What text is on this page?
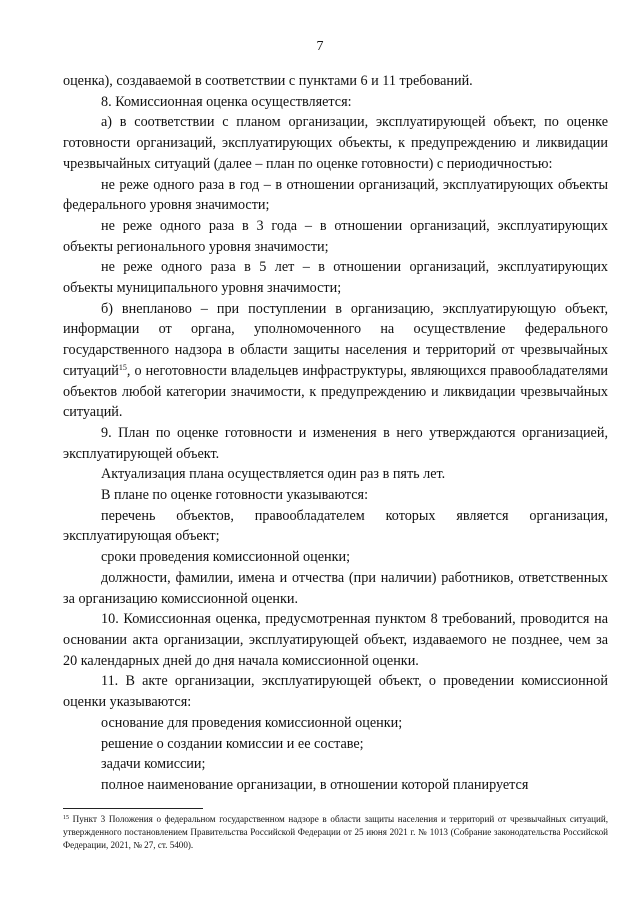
7

оценка), создаваемой в соответствии с пунктами 6 и 11 требований.

8. Комиссионная оценка осуществляется:

а) в соответствии с планом организации, эксплуатирующей объект, по оценке готовности организаций, эксплуатирующих объекты, к предупреждению и ликвидации чрезвычайных ситуаций (далее – план по оценке готовности) с периодичностью:

не реже одного раза в год – в отношении организаций, эксплуатирующих объекты федерального уровня значимости;

не реже одного раза в 3 года – в отношении организаций, эксплуатирующих объекты регионального уровня значимости;

не реже одного раза в 5 лет – в отношении организаций, эксплуатирующих объекты муниципального уровня значимости;

б) внепланово – при поступлении в организацию, эксплуатирующую объект, информации от органа, уполномоченного на осуществление федерального государственного надзора в области защиты населения и территорий от чрезвычайных ситуаций$^{15}$, о неготовности владельцев инфраструктуры, являющихся правообладателями объектов любой категории значимости, к предупреждению и ликвидации чрезвычайных ситуаций.

9. План по оценке готовности и изменения в него утверждаются организацией, эксплуатирующей объект.

Актуализация плана осуществляется один раз в пять лет.

В плане по оценке готовности указываются:

перечень объектов, правообладателем которых является организация, эксплуатирующая объект;

сроки проведения комиссионной оценки;

должности, фамилии, имена и отчества (при наличии) работников, ответственных за организацию комиссионной оценки.

10. Комиссионная оценка, предусмотренная пунктом 8 требований, проводится на основании акта организации, эксплуатирующей объект, издаваемого не позднее, чем за 20 календарных дней до дня начала комиссионной оценки.

11. В акте организации, эксплуатирующей объект, о проведении комиссионной оценки указываются:

основание для проведения комиссионной оценки;

решение о создании комиссии и ее составе;

задачи комиссии;

полное наименование организации, в отношении которой планируется

$^{15}$ Пункт 3 Положения о федеральном государственном надзоре в области защиты населения и территорий от чрезвычайных ситуаций, утвержденного постановлением Правительства Российской Федерации от 25 июня 2021 г. № 1013 (Собрание законодательства Российской Федерации, 2021, № 27, ст. 5400).
